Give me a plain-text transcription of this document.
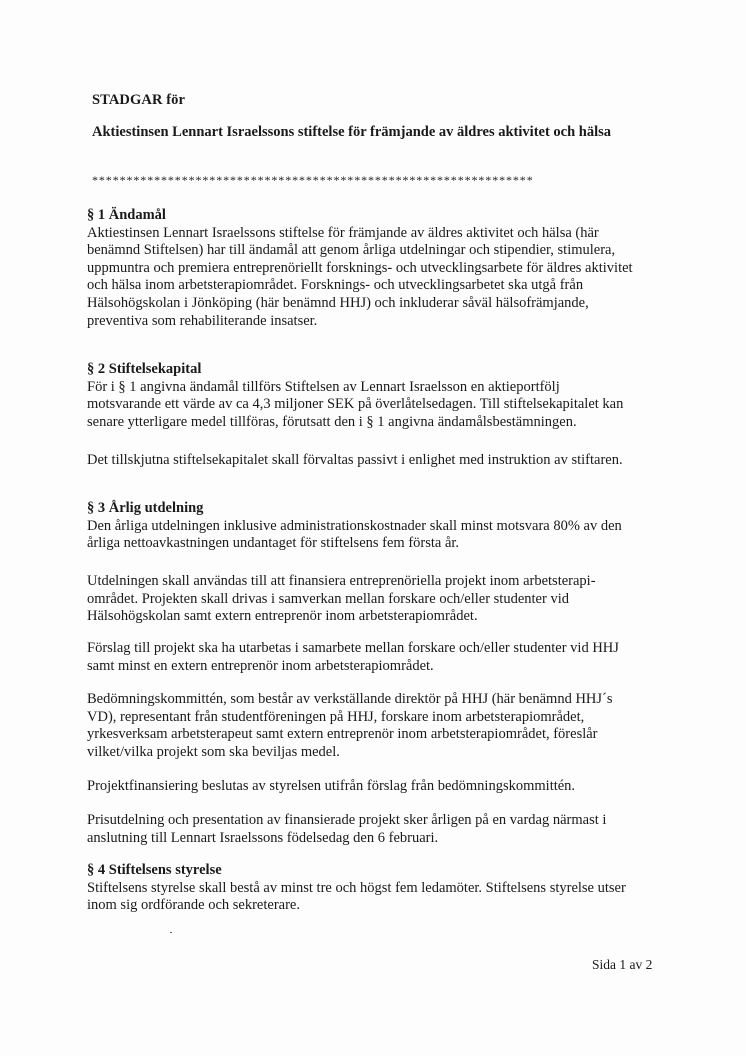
STADGAR för
Aktiestinsen Lennart Israelssons stiftelse för främjande av äldres aktivitet och hälsa
****************************************************************

§ 1 Ändamål

Aktiestinsen Lennart Israelssons stiftelse för främjande av äldres aktivitet och hälsa (här
benämnd Stiftelsen) har till ändamål att genom årliga utdelningar och stipendier, stimulera,
uppmuntra och premiera entreprenöriellt forsknings- och utvecklingsarbete för äldres aktivitet
och hälsa inom arbetsterapiområdet. Forsknings- och utvecklingsarbetet ska utgå från
Hälsohögskolan i Jönköping (här benämnd HHJ) och inkluderar såväl hälsofrämjande,
preventiva som rehabiliterande insatser.

§ 2 Stiftelsekapital

För i § 1 angivna ändamål tillförs Stiftelsen av Lennart Israelsson en aktieportfölj
motsvarande ett värde av ca 4,3 miljoner SEK på överlåtelsedagen. Till stiftelsekapitalet kan
senare ytterligare medel tillföras, förutsatt den i § 1 angivna ändamålsbestämningen.

Det tillskjutna stiftelsekapitalet skall förvaltas passivt i enlighet med instruktion av stiftaren.

§ 3 Årlig utdelning

Den årliga utdelningen inklusive administrationskostnader skall minst motsvara 80% av den
årliga nettoavkastningen undantaget för stiftelsens fem första år.

Utdelningen skall användas till att finansiera entreprenöriella projekt inom arbetsterapi-
området. Projekten skall drivas i samverkan mellan forskare och/eller studenter vid
Hälsohögskolan samt extern entreprenör inom arbetsterapiområdet.
Förslag till projekt ska ha utarbetas i samarbete mellan forskare och/eller studenter vid HHJ
samt minst en extern entreprenör inom arbetsterapiområdet.
Bedömningskommittén, som består av verkställande direktör på HHJ (här benämnd HHJ´s
VD), representant från studentföreningen på HHJ, forskare inom arbetsterapiområdet,
yrkesverksam arbetsterapeut samt extern entreprenör inom arbetsterapiområdet, föreslår
vilket/vilka projekt som ska beviljas medel.
Projektfinansiering beslutas av styrelsen utifrån förslag från bedömningskommittén.
Prisutdelning och presentation av finansierade projekt sker årligen på en vardag närmast i
anslutning till Lennart Israelssons födelsedag den 6 februari.

§ 4 Stiftelsens styrelse

Stiftelsens styrelse skall bestå av minst tre och högst fem ledamöter. Stiftelsens styrelse utser
inom sig ordförande och sekreterare.

Sida 1 av 2
